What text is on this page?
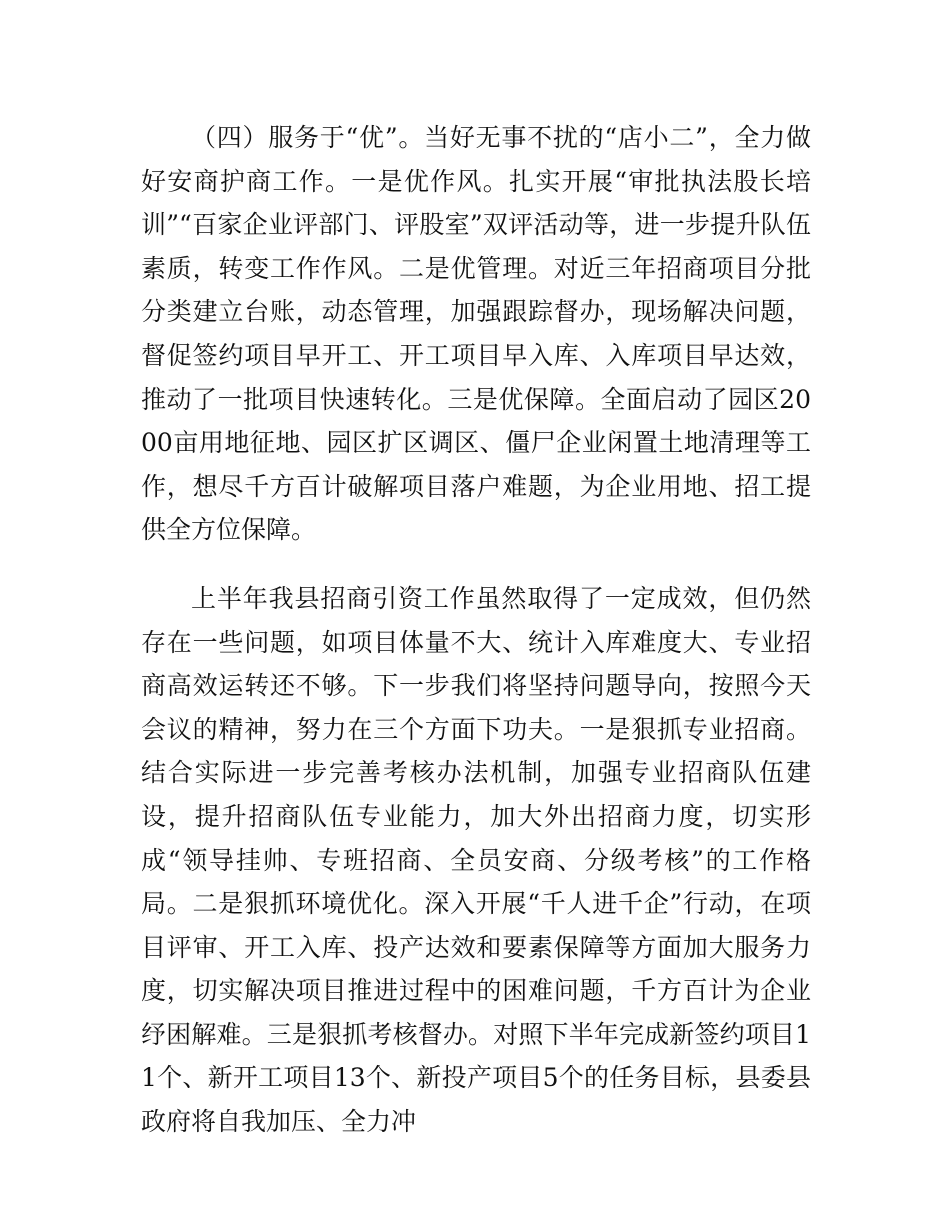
（四）服务于“优”。当好无事不扰的“店小二”，全力做好安商护商工作。一是优作风。扎实开展“审批执法股长培训”“百家企业评部门、评股室”双评活动等，进一步提升队伍素质，转变工作作风。二是优管理。对近三年招商项目分批分类建立台账，动态管理，加强跟踪督办，现场解决问题，督促签约项目早开工、开工项目早入库、入库项目早达效，推动了一批项目快速转化。三是优保障。全面启动了园区2000亩用地征地、园区扩区调区、僵尸企业闲置土地清理等工作，想尽千方百计破解项目落户难题，为企业用地、招工提供全方位保障。

上半年我县招商引资工作虽然取得了一定成效，但仍然存在一些问题，如项目体量不大、统计入库难度大、专业招商高效运转还不够。下一步我们将坚持问题导向，按照今天会议的精神，努力在三个方面下功夫。一是狠抓专业招商。结合实际进一步完善考核办法机制，加强专业招商队伍建设，提升招商队伍专业能力，加大外出招商力度，切实形成“领导挂帅、专班招商、全员安商、分级考核”的工作格局。二是狠抓环境优化。深入开展“千人进千企”行动，在项目评审、开工入库、投产达效和要素保障等方面加大服务力度，切实解决项目推进过程中的困难问题，千方百计为企业纾困解难。三是狠抓考核督办。对照下半年完成新签约项目11个、新开工项目13个、新投产项目5个的任务目标，县委县政府将自我加压、全力冲
